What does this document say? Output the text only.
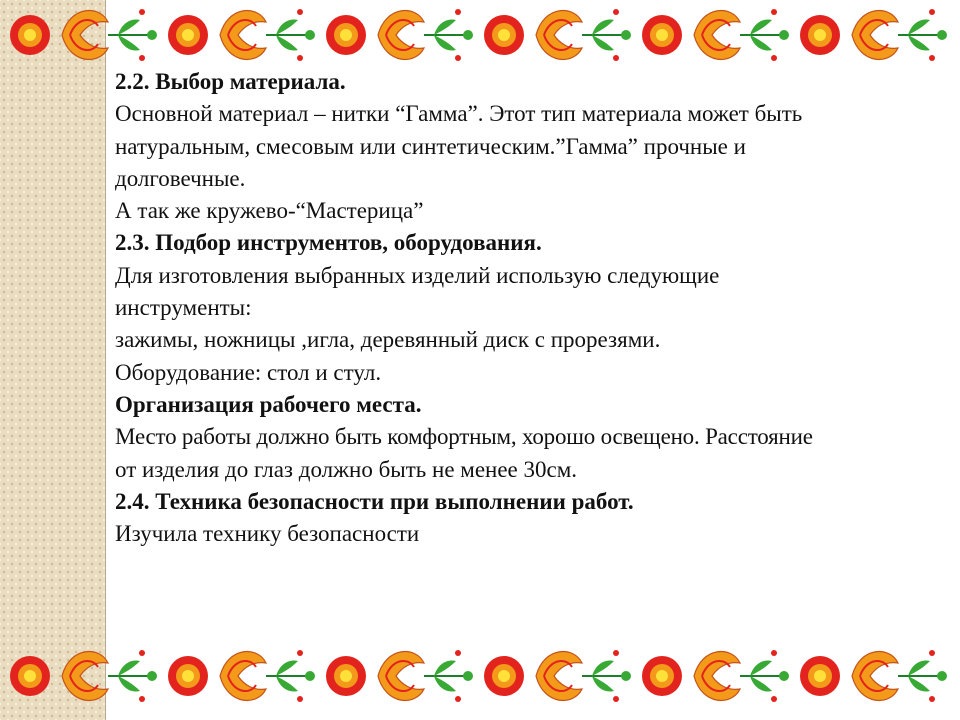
2.2. Выбор материала.

Основной материал – нитки “Гамма”. Этот тип материала может быть

натуральным, смесовым или синтетическим.”Гамма” прочные и

долговечные.

А так же кружево-“Мастерица”

2.3. Подбор инструментов, оборудования.

Для изготовления выбранных изделий использую следующие

инструменты:

зажимы, ножницы ,игла, деревянный диск с прорезями.

Оборудование: стол и стул.

Организация рабочего места.

Место работы должно быть комфортным, хорошо освещено. Расстояние

от изделия до глаз должно быть не менее 30см.

2.4. Техника безопасности при выполнении работ.

Изучила технику безопасности
